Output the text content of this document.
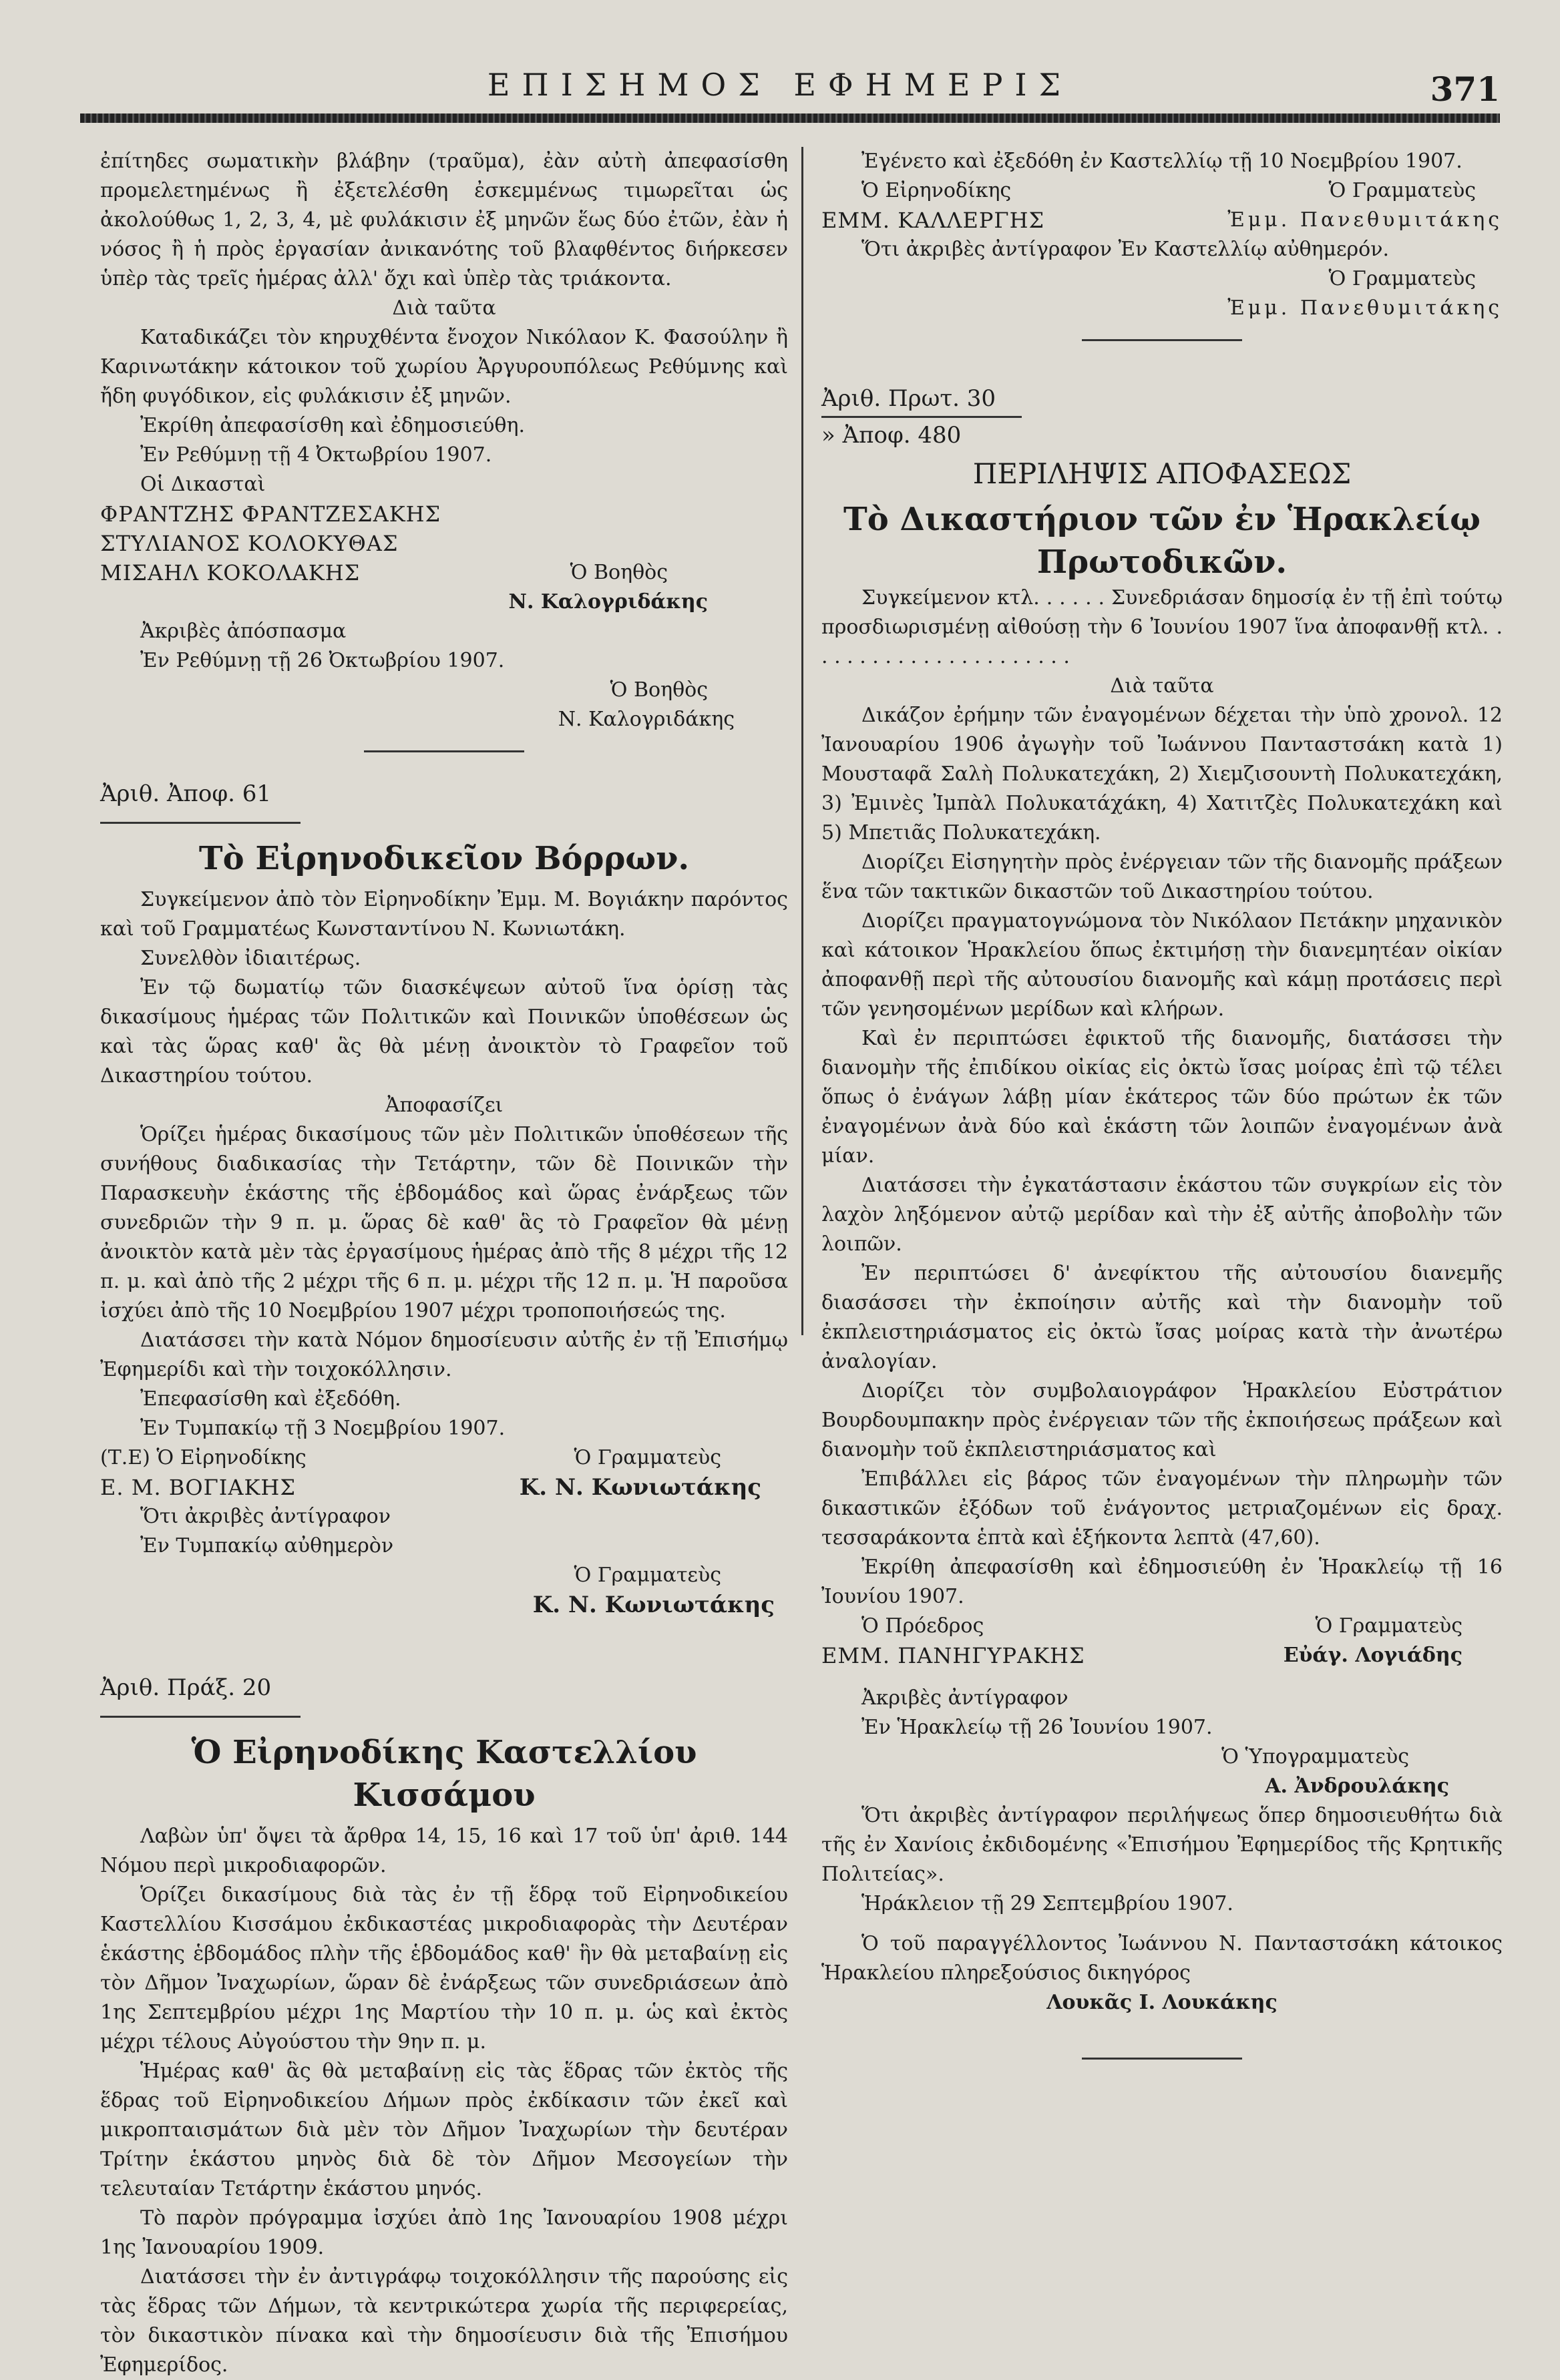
ΕΠΙΣΗΜΟΣ ΕΦΗΜΕΡΙΣ	371

ἐπίτηδες σωματικὴν βλάβην (τραῦμα), ἐὰν αὐτὴ ἀπεφασίσθη προμελετημένως ἢ ἐξετελέσθη ἐσκεμμένως τιμωρεῖται ὡς ἀκολούθως 1, 2, 3, 4, μὲ φυλάκισιν ἐξ μηνῶν ἕως δύο ἐτῶν, ἐὰν ἡ νόσος ἢ ἡ πρὸς ἐργασίαν ἀνικανότης τοῦ βλαφθέντος διήρκεσεν ὑπὲρ τὰς τρεῖς ἡμέρας ἀλλ' ὄχι καὶ ὑπὲρ τὰς τριάκοντα.

Διὰ ταῦτα

Καταδικάζει τὸν κηρυχθέντα ἔνοχον Νικόλαον Κ. Φασούλην ἢ Καρινωτάκην κάτοικον τοῦ χωρίου Ἀργυρουπόλεως Ρεθύμνης καὶ ἤδη φυγόδικον, εἰς φυλάκισιν ἐξ μηνῶν.

Ἐκρίθη ἀπεφασίσθη καὶ ἐδημοσιεύθη.

Ἐν Ρεθύμνῃ τῇ 4 Ὀκτωβρίου 1907.

Οἱ Δικασταὶ

ΦΡΑΝΤΖΗΣ ΦΡΑΝΤΖΕΣΑΚΗΣ

ΣΤΥΛΙΑΝΟΣ ΚΟΛΟΚΥΘΑΣ

ΜΙΣΑΗΛ ΚΟΚΟΛΑΚΗΣ	Ὁ Βοηθὸς

Ν. Καλογριδάκης

Ἀκριβὲς ἀπόσπασμα

Ἐν Ρεθύμνῃ τῇ 26 Ὀκτωβρίου 1907.

Ὁ Βοηθὸς

Ν. Καλογριδάκης

Ἀριθ. Ἀποφ. 61

Τὸ Εἰρηνοδικεῖον Βόρρων.

Συγκείμενον ἀπὸ τὸν Εἰρηνοδίκην Ἐμμ. Μ. Βογιάκην παρόντος καὶ τοῦ Γραμματέως Κωνσταντίνου Ν. Κωνιωτάκη.

Συνελθὸν ἰδιαιτέρως.

Ἐν τῷ δωματίῳ τῶν διασκέψεων αὐτοῦ ἵνα ὁρίσῃ τὰς δικασίμους ἡμέρας τῶν Πολιτικῶν καὶ Ποινικῶν ὑποθέσεων ὡς καὶ τὰς ὥρας καθ' ἃς θὰ μένῃ ἀνοικτὸν τὸ Γραφεῖον τοῦ Δικαστηρίου τούτου.

Ἀποφασίζει

Ὁρίζει ἡμέρας δικασίμους τῶν μὲν Πολιτικῶν ὑποθέσεων τῆς συνήθους διαδικασίας τὴν Τετάρτην, τῶν δὲ Ποινικῶν τὴν Παρασκευὴν ἑκάστης τῆς ἑβδομάδος καὶ ὥρας ἐνάρξεως τῶν συνεδριῶν τὴν 9 π. μ. ὥρας δὲ καθ' ἃς τὸ Γραφεῖον θὰ μένῃ ἀνοικτὸν κατὰ μὲν τὰς ἐργασίμους ἡμέρας ἀπὸ τῆς 8 μέχρι τῆς 12 π. μ. καὶ ἀπὸ τῆς 2 μέχρι τῆς 6 π. μ. μέχρι τῆς 12 π. μ. Ἡ παροῦσα ἰσχύει ἀπὸ τῆς 10 Νοεμβρίου 1907 μέχρι τροποποιήσεώς της.

Διατάσσει τὴν κατὰ Νόμον δημοσίευσιν αὐτῆς ἐν τῇ Ἐπισήμῳ Ἐφημερίδι καὶ τὴν τοιχοκόλλησιν.

Ἐπεφασίσθη καὶ ἐξεδόθη.

Ἐν Τυμπακίῳ τῇ 3 Νοεμβρίου 1907.

(Τ.Ε) Ὁ Εἰρηνοδίκης	Ὁ Γραμματεὺς
Ε. Μ. ΒΟΓΙΑΚΗΣ	Κ. Ν. Κωνιωτάκης

Ὅτι ἀκριβὲς ἀντίγραφον

Ἐν Τυμπακίῳ αὐθημερὸν

Ὁ Γραμματεὺς

Κ. Ν. Κωνιωτάκης

Ἀριθ. Πράξ. 20

Ὁ Εἰρηνοδίκης Καστελλίου Κισσάμου

Λαβὼν ὑπ' ὄψει τὰ ἄρθρα 14, 15, 16 καὶ 17 τοῦ ὑπ' ἀριθ. 144 Νόμου περὶ μικροδιαφορῶν.

Ὁρίζει δικασίμους διὰ τὰς ἐν τῇ ἕδρᾳ τοῦ Εἰρηνοδικείου Καστελλίου Κισσάμου ἐκδικαστέας μικροδιαφορὰς τὴν Δευτέραν ἑκάστης ἑβδομάδος πλὴν τῆς ἑβδομάδος καθ' ἣν θὰ μεταβαίνῃ εἰς τὸν Δῆμον Ἰναχωρίων, ὥραν δὲ ἐνάρξεως τῶν συνεδριάσεων ἀπὸ 1ης Σεπτεμβρίου μέχρι 1ης Μαρτίου τὴν 10 π. μ. ὡς καὶ ἐκτὸς μέχρι τέλους Αὐγούστου τὴν 9ην π. μ.

Ἡμέρας καθ' ἃς θὰ μεταβαίνῃ εἰς τὰς ἕδρας τῶν ἐκτὸς τῆς ἕδρας τοῦ Εἰρηνοδικείου Δήμων πρὸς ἐκδίκασιν τῶν ἐκεῖ καὶ μικροπταισμάτων διὰ μὲν τὸν Δῆμον Ἰναχωρίων τὴν δευτέραν Τρίτην ἑκάστου μηνὸς διὰ δὲ τὸν Δῆμον Μεσογείων τὴν τελευταίαν Τετάρτην ἑκάστου μηνός.

Τὸ παρὸν πρόγραμμα ἰσχύει ἀπὸ 1ης Ἰανουαρίου 1908 μέχρι 1ης Ἰανουαρίου 1909.

Διατάσσει τὴν ἐν ἀντιγράφῳ τοιχοκόλλησιν τῆς παρούσης εἰς τὰς ἕδρας τῶν Δήμων, τὰ κεντρικώτερα χωρία τῆς περιφερείας, τὸν δικαστικὸν πίνακα καὶ τὴν δημοσίευσιν διὰ τῆς Ἐπισήμου Ἐφημερίδος.

Ἐγένετο καὶ ἐξεδόθη ἐν Καστελλίῳ τῇ 10 Νοεμβρίου 1907.

Ὁ Εἰρηνοδίκης	Ὁ Γραμματεὺς
ΕΜΜ. ΚΑΛΛΕΡΓΗΣ	Ἐμμ. Πανεθυμιτάκης

Ὅτι ἀκριβὲς ἀντίγραφον Ἐν Καστελλίῳ αὐθημερόν.

Ὁ Γραμματεὺς

Ἐμμ. Πανεθυμιτάκης

Ἀριθ. Πρωτ. 30

» Ἀποφ. 480

ΠΕΡΙΛΗΨΙΣ ΑΠΟΦΑΣΕΩΣ
Τὸ Δικαστήριον τῶν ἐν Ἡρακλείῳ
Πρωτοδικῶν.

Συγκείμενον κτλ. . . . . . Συνεδριάσαν δημοσίᾳ ἐν τῇ ἐπὶ τούτῳ προσδιωρισμένῃ αἰθούσῃ τὴν 6 Ἰουνίου 1907 ἵνα ἀποφανθῇ κτλ. . . . . . . . . . . . . . . . . . . . . .

Διὰ ταῦτα

Δικάζον ἐρήμην τῶν ἐναγομένων δέχεται τὴν ὑπὸ χρονολ. 12 Ἰανουαρίου 1906 ἀγωγὴν τοῦ Ἰωάννου Πανταστσάκη κατὰ 1) Μουσταφᾶ Σαλὴ Πολυκατεχάκη, 2) Χιεμζισουντὴ Πολυκατεχάκη, 3) Ἐμινὲς Ἰμπὰλ Πολυκατάχάκη, 4) Χατιτζὲς Πολυκατεχάκη καὶ 5) Μπετιᾶς Πολυκατεχάκη.

Διορίζει Εἰσηγητὴν πρὸς ἐνέργειαν τῶν τῆς διανομῆς πράξεων ἕνα τῶν τακτικῶν δικαστῶν τοῦ Δικαστηρίου τούτου.

Διορίζει πραγματογνώμονα τὸν Νικόλαον Πετάκην μηχανικὸν καὶ κάτοικον Ἡρακλείου ὅπως ἐκτιμήσῃ τὴν διανεμητέαν οἰκίαν ἀποφανθῇ περὶ τῆς αὐτουσίου διανομῆς καὶ κάμῃ προτάσεις περὶ τῶν γενησομένων μερίδων καὶ κλήρων.

Καὶ ἐν περιπτώσει ἐφικτοῦ τῆς διανομῆς, διατάσσει τὴν διανομὴν τῆς ἐπιδίκου οἰκίας εἰς ὀκτὼ ἴσας μοίρας ἐπὶ τῷ τέλει ὅπως ὁ ἐνάγων λάβῃ μίαν ἑκάτερος τῶν δύο πρώτων ἐκ τῶν ἐναγομένων ἀνὰ δύο καὶ ἑκάστη τῶν λοιπῶν ἐναγομένων ἀνὰ μίαν.

Διατάσσει τὴν ἐγκατάστασιν ἑκάστου τῶν συγκρίων εἰς τὸν λαχὸν ληξόμενον αὐτῷ μερίδαν καὶ τὴν ἐξ αὐτῆς ἀποβολὴν τῶν λοιπῶν.

Ἐν περιπτώσει δ' ἀνεφίκτου τῆς αὐτουσίου διανεμῆς διασάσσει τὴν ἐκποίησιν αὐτῆς καὶ τὴν διανομὴν τοῦ ἐκπλειστηριάσματος εἰς ὀκτὼ ἴσας μοίρας κατὰ τὴν ἀνωτέρω ἀναλογίαν.

Διορίζει τὸν συμβολαιογράφον Ἡρακλείου Εὐστράτιον Βουρδουμπακην πρὸς ἐνέργειαν τῶν τῆς ἐκποιήσεως πράξεων καὶ διανομὴν τοῦ ἐκπλειστηριάσματος καὶ

Ἐπιβάλλει εἰς βάρος τῶν ἐναγομένων τὴν πληρωμὴν τῶν δικαστικῶν ἐξόδων τοῦ ἐνάγοντος μετριαζομένων εἰς δραχ. τεσσαράκοντα ἑπτὰ καὶ ἑξήκοντα λεπτὰ (47,60).

Ἐκρίθη ἀπεφασίσθη καὶ ἐδημοσιεύθη ἐν Ἡρακλείῳ τῇ 16 Ἰουνίου 1907.

Ὁ Πρόεδρος	Ὁ Γραμματεὺς
ΕΜΜ. ΠΑΝΗΓΥΡΑΚΗΣ	Εὐάγ. Λογιάδης

Ἀκριβὲς ἀντίγραφον

Ἐν Ἡρακλείῳ τῇ 26 Ἰουνίου 1907.

Ὁ Ὑπογραμματεὺς

Α. Ἀνδρουλάκης

Ὅτι ἀκριβὲς ἀντίγραφον περιλήψεως ὅπερ δημοσιευθήτω διὰ τῆς ἐν Χανίοις ἐκδιδομένης «Ἐπισήμου Ἐφημερίδος τῆς Κρητικῆς Πολιτείας».

Ἡράκλειον τῇ 29 Σεπτεμβρίου 1907.

Ὁ τοῦ παραγγέλλοντος Ἰωάννου Ν. Πανταστσάκη κάτοικος Ἡρακλείου πληρεξούσιος δικηγόρος

Λουκᾶς Ι. Λουκάκης
